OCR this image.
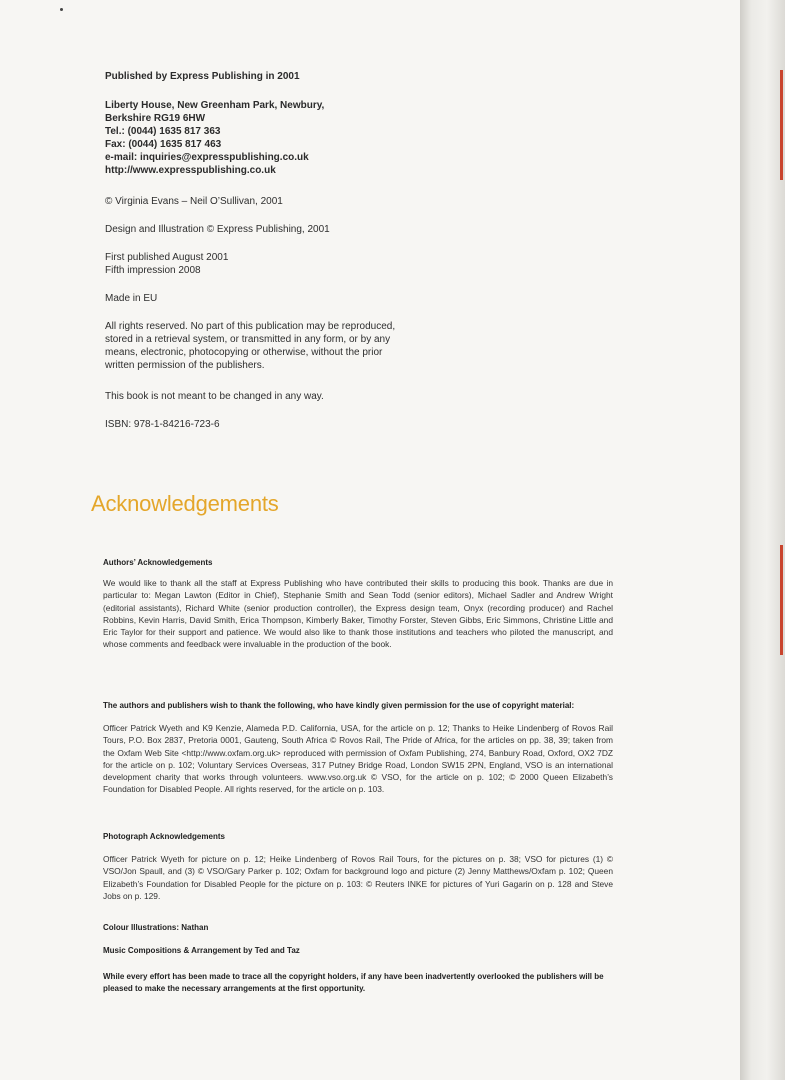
Published by Express Publishing in 2001

Liberty House, New Greenham Park, Newbury,

Berkshire RG19 6HW

Tel.: (0044) 1635 817 363

Fax: (0044) 1635 817 463

e-mail: inquiries@expresspublishing.co.uk

http://www.expresspublishing.co.uk

© Virginia Evans – Neil O’Sullivan, 2001
Design and Illustration © Express Publishing, 2001
First published August 2001
Fifth impression 2008
Made in EU
All rights reserved. No part of this publication may be reproduced,
stored in a retrieval system, or transmitted in any form, or by any
means, electronic, photocopying or otherwise, without the prior
written permission of the publishers.
This book is not meant to be changed in any way.
ISBN: 978-1-84216-723-6
Acknowledgements

Authors’ Acknowledgements

We would like to thank all the staff at Express Publishing who have contributed their skills to producing this book. Thanks are due in particular to: Megan Lawton (Editor in Chief), Stephanie Smith and Sean Todd (senior editors), Michael Sadler and Andrew Wright (editorial assistants), Richard White (senior production controller), the Express design team, Onyx (recording producer) and Rachel Robbins, Kevin Harris, David Smith, Erica Thompson, Kimberly Baker, Timothy Forster, Steven Gibbs, Eric Simmons, Christine Little and Eric Taylor for their support and patience. We would also like to thank those institutions and teachers who piloted the manuscript, and whose comments and feedback were invaluable in the production of the book.

The authors and publishers wish to thank the following, who have kindly given permission for the use of copyright material:

Officer Patrick Wyeth and K9 Kenzie, Alameda P.D. California, USA, for the article on p. 12; Thanks to Heike Lindenberg of Rovos Rail Tours, P.O. Box 2837, Pretoria 0001, Gauteng, South Africa © Rovos Rail, The Pride of Africa, for the articles on pp. 38, 39; taken from the Oxfam Web Site <http://www.oxfam.org.uk> reproduced with permission of Oxfam Publishing, 274, Banbury Road, Oxford, OX2 7DZ for the article on p. 102; Voluntary Services Overseas, 317 Putney Bridge Road, London SW15 2PN, England, VSO is an international development charity that works through volunteers. www.vso.org.uk © VSO, for the article on p. 102; © 2000 Queen Elizabeth’s Foundation for Disabled People. All rights reserved, for the article on p. 103.

Photograph Acknowledgements

Officer Patrick Wyeth for picture on p. 12; Heike Lindenberg of Rovos Rail Tours, for the pictures on p. 38; VSO for pictures (1) © VSO/Jon Spaull, and (3) © VSO/Gary Parker p. 102; Oxfam for background logo and picture (2) Jenny Matthews/Oxfam p. 102; Queen Elizabeth’s Foundation for Disabled People for the picture on p. 103: © Reuters INKE for pictures of Yuri Gagarin on p. 128 and Steve Jobs on p. 129.

Colour Illustrations: Nathan

Music Compositions & Arrangement by Ted and Taz

While every effort has been made to trace all the copyright holders, if any have been inadvertently overlooked the publishers will be pleased to make the necessary arrangements at the first opportunity.
